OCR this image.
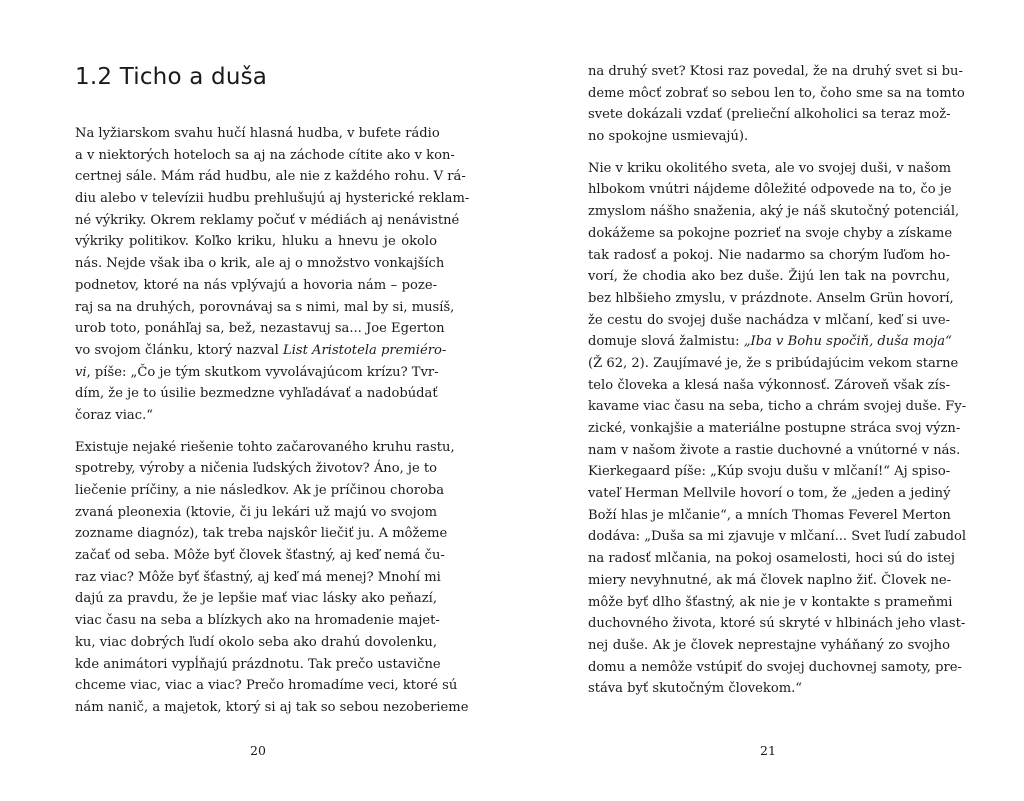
1.2 Ticho a duša

Na lyžiarskom svahu hučí hlasná hudba, v bufete rádio
a v niektorých hoteloch sa aj na záchode cítite ako v kon-
certnej sále. Mám rád hudbu, ale nie z každého rohu. V rá-
diu alebo v televízii hudbu prehlušujú aj hysterické reklam-
né výkriky. Okrem reklamy počuť v médiách aj nenávistné
výkriky politikov. Koľko kriku, hluku a hnevu je okolo
nás. Nejde však iba o krik, ale aj o množstvo vonkajších
podnetov, ktoré na nás vplývajú a hovoria nám – poze-
raj sa na druhých, porovnávaj sa s nimi, mal by si, musíš,
urob toto, ponáhľaj sa, bež, nezastavuj sa... Joe Egerton
vo svojom článku, ktorý nazval List Aristotela premiéro-
vi, píše: „Čo je tým skutkom vyvolávajúcom krízu? Tvr-
dím, že je to úsilie bezmedzne vyhľadávať a nadobúdať
čoraz viac.“

Existuje nejaké riešenie tohto začarovaného kruhu rastu,
spotreby, výroby a ničenia ľudských životov? Áno, je to
liečenie príčiny, a nie následkov. Ak je príčinou choroba
zvaná pleonexia (ktovie, či ju lekári už majú vo svojom
zozname diagnóz), tak treba najskôr liečiť ju. A môžeme
začať od seba. Môže byť človek šťastný, aj keď nemá ču-
raz viac? Môže byť šťastný, aj keď má menej? Mnohí mi
dajú za pravdu, že je lepšie mať viac lásky ako peňazí,
viac času na seba a blízkych ako na hromadenie majet-
ku, viac dobrých ľudí okolo seba ako drahú dovolenku,
kde animátori vypĺňajú prázdnotu. Tak prečo ustavične
chceme viac, viac a viac? Prečo hromadíme veci, ktoré sú
nám nanič, a majetok, ktorý si aj tak so sebou nezoberieme

20

na druhý svet? Ktosi raz povedal, že na druhý svet si bu-
deme môcť zobrať so sebou len to, čoho sme sa na tomto
svete dokázali vzdať (prelieční alkoholici sa teraz mož-
no spokojne usmievajú).

Nie v kriku okolitého sveta, ale vo svojej duši, v našom
hlbokom vnútri nájdeme dôležité odpovede na to, čo je
zmyslom nášho snaženia, aký je náš skutočný potenciál,
dokážeme sa pokojne pozrieť na svoje chyby a získame
tak radosť a pokoj. Nie nadarmo sa chorým ľuďom ho-
vorí, že chodia ako bez duše. Žijú len tak na povrchu,
bez hlbšieho zmyslu, v prázdnote. Anselm Grün hovorí,
že cestu do svojej duše nachádza v mlčaní, keď si uve-
domuje slová žalmistu: „Iba v Bohu spočiň, duša moja“
(Ž 62, 2). Zaujímavé je, že s pribúdajúcim vekom starne
telo človeka a klesá naša výkonnosť. Zároveň však zís-
kavame viac času na seba, ticho a chrám svojej duše. Fy-
zické, vonkajšie a materiálne postupne stráca svoj význ-
nam v našom živote a rastie duchovné a vnútorné v nás.
Kierkegaard píše: „Kúp svoju dušu v mlčaní!“ Aj spiso-
vateľ Herman Mellvile hovorí o tom, že „jeden a jediný
Boží hlas je mlčanie“, a mních Thomas Feverel Merton
dodáva: „Duša sa mi zjavuje v mlčaní... Svet ľudí zabudol
na radosť mlčania, na pokoj osamelosti, hoci sú do istej
miery nevyhnutné, ak má človek naplno žiť. Človek ne-
môže byť dlho šťastný, ak nie je v kontakte s prameňmi
duchovného života, ktoré sú skryté v hlbinách jeho vlast-
nej duše. Ak je človek neprestajne vyháňaný zo svojho
domu a nemôže vstúpiť do svojej duchovnej samoty, pre-
stáva byť skutočným človekom.“

21
